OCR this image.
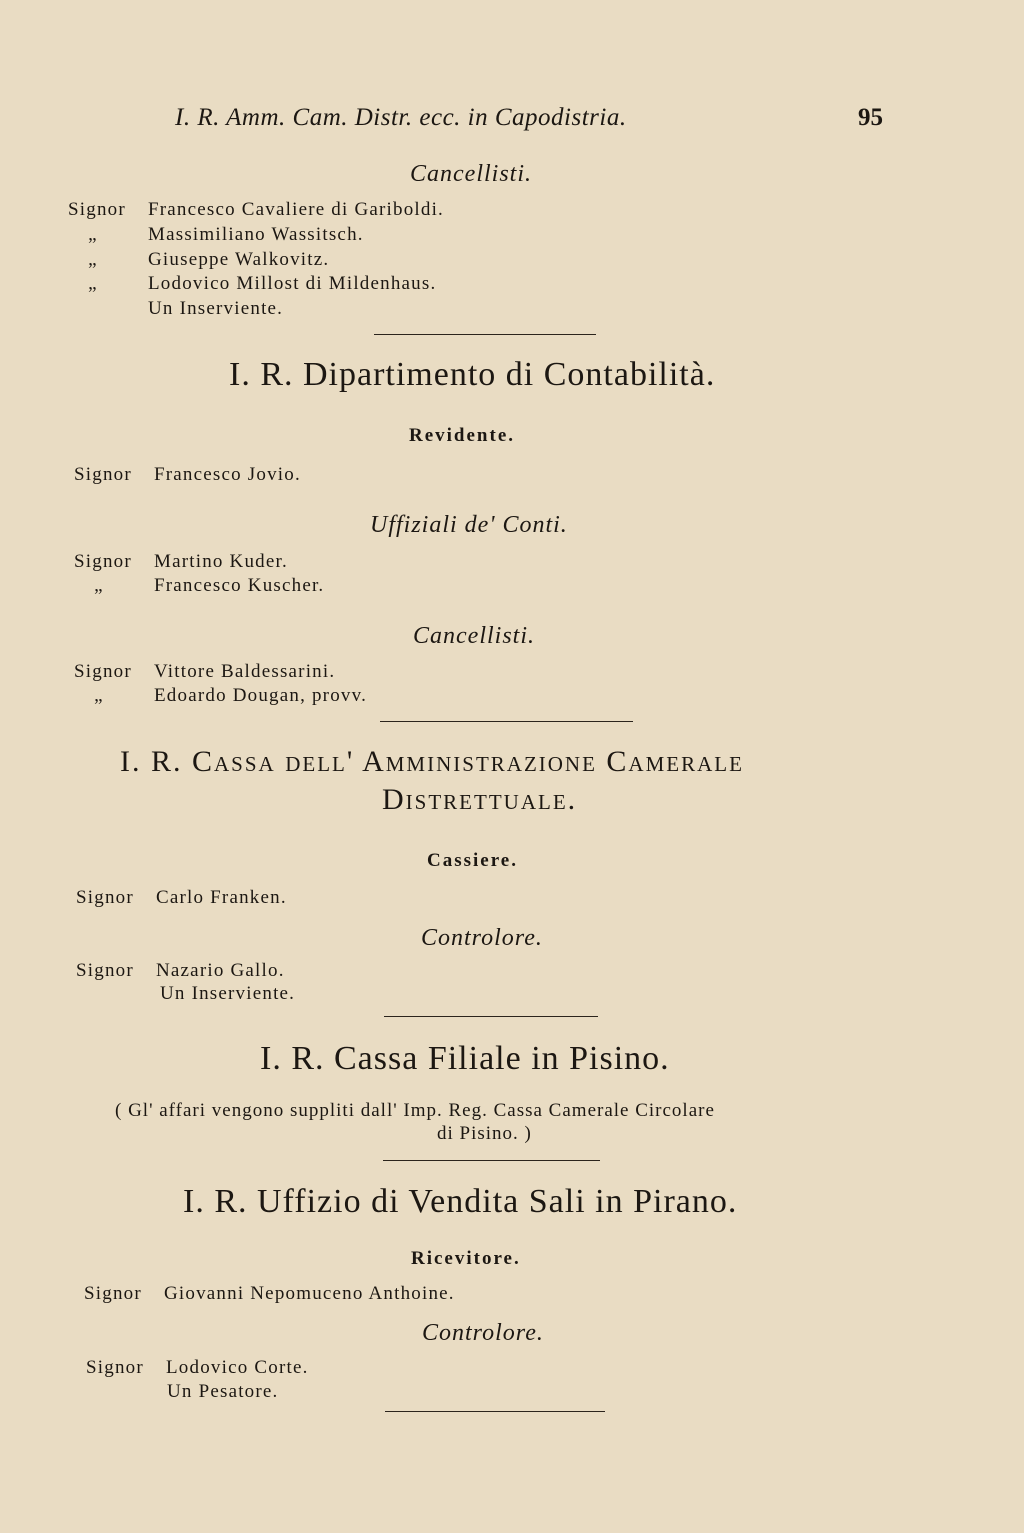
I. R. Amm. Cam. Distr. ecc. in Capodistria.	95
Cancellisti.
Signor Francesco Cavaliere di Gariboldi.
„	Massimiliano Wassitsch.
„	Giuseppe Walkovitz.
„	Lodovico Millost di Mildenhaus.
Un Inserviente.
I. R. Dipartimento di Contabilità.
Revidente.
Signor Francesco Jovio.
Uffiziali de' Conti.
Signor Martino Kuder.
„	Francesco Kuscher.
Cancellisti.
Signor Vittore Baldessarini.
„	Edoardo Dougan, provv.
I. R. Cassa dell' Amministrazione Camerale
Distrettuale.
Cassiere.
Signor Carlo Franken.
Controlore.
Signor Nazario Gallo.
Un Inserviente.
I. R. Cassa Filiale in Pisino.
( Gl' affari vengono suppliti dall' Imp. Reg. Cassa Camerale Circolare
di Pisino. )
I. R. Uffizio di Vendita Sali in Pirano.
Ricevitore.
Signor Giovanni Nepomuceno Anthoine.
Controlore.
Signor Lodovico Corte.
Un Pesatore.
